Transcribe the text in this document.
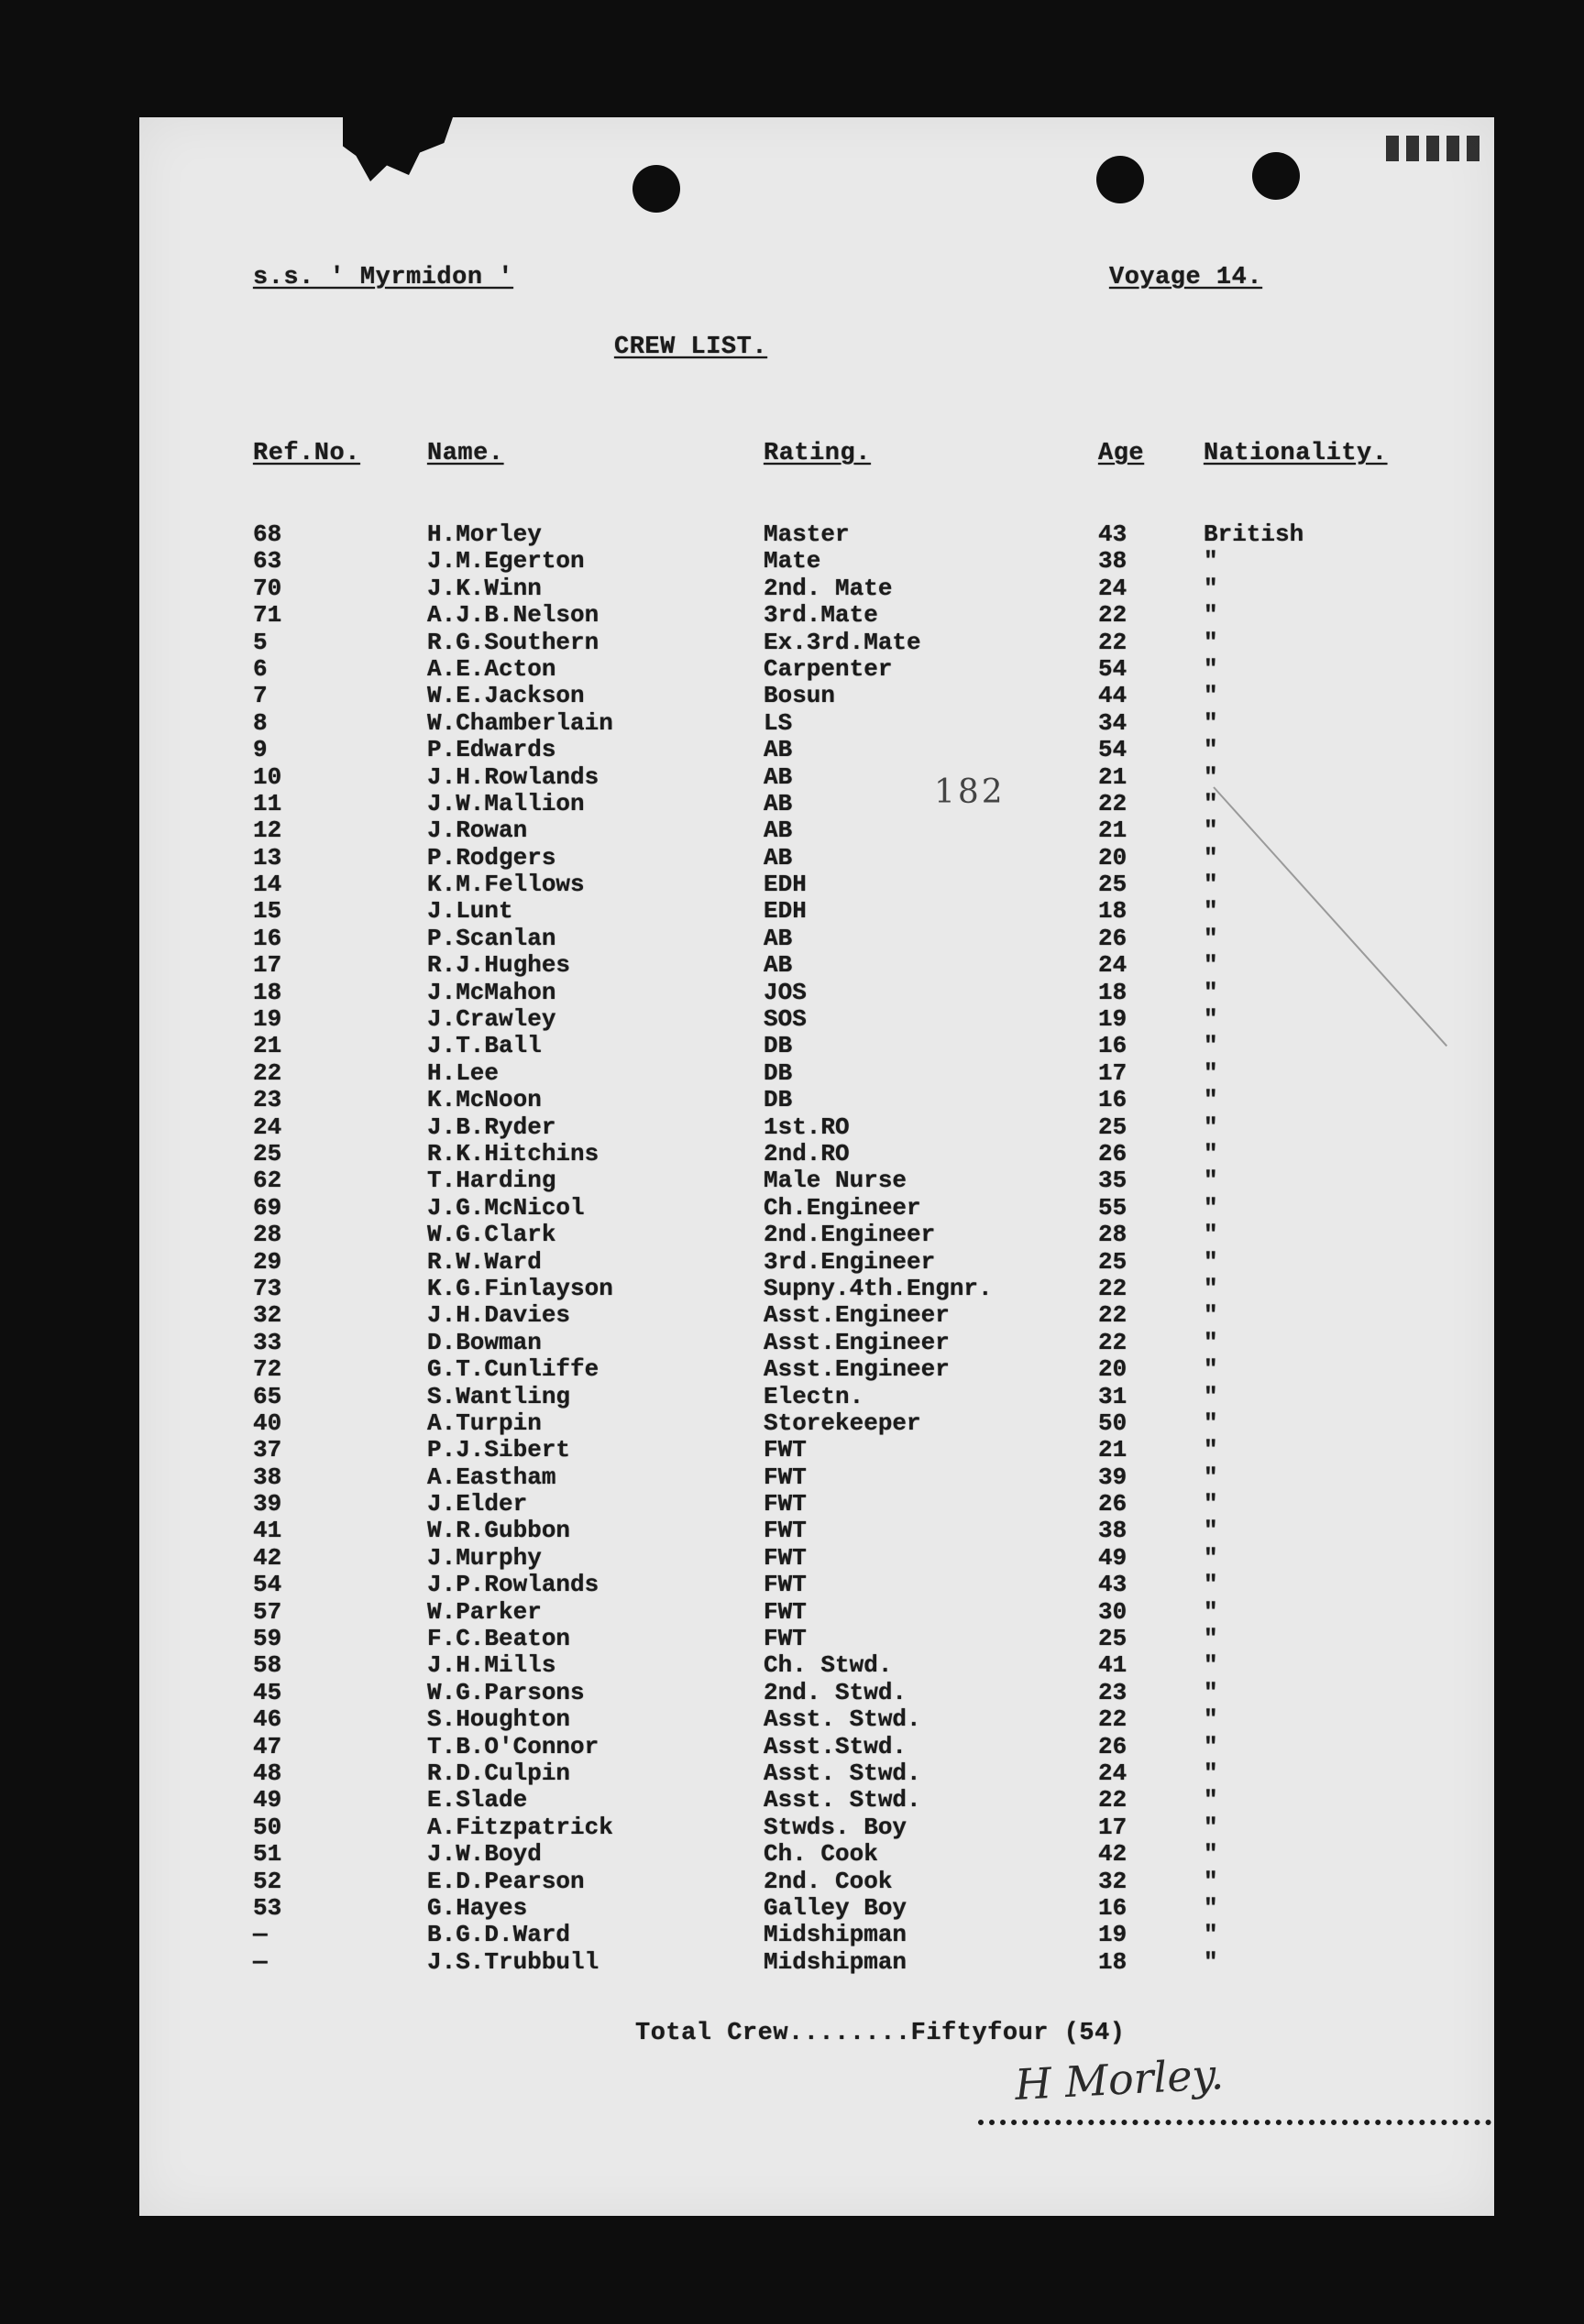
s.s. ' Myrmidon '	Voyage 14.
CREW LIST.
Ref.No.	Name.	Rating.	Age Nationality.
182
68	H.Morley	Master	43	British
63	J.M.Egerton	Mate	38	"
70	J.K.Winn	2nd. Mate	24	"
71	A.J.B.Nelson	3rd.Mate	22	"
5	R.G.Southern	Ex.3rd.Mate	22	"
6	A.E.Acton	Carpenter	54	"
7	W.E.Jackson	Bosun	44	"
8	W.Chamberlain	LS	34	"
9	P.Edwards	AB	54	"
10	J.H.Rowlands	AB	21	"
11	J.W.Mallion	AB	22	"
12	J.Rowan	AB	21	"
13	P.Rodgers	AB	20	"
14	K.M.Fellows	EDH	25	"
15	J.Lunt	EDH	18	"
16	P.Scanlan	AB	26	"
17	R.J.Hughes	AB	24	"
18	J.McMahon	JOS	18	"
19	J.Crawley	SOS	19	"
21	J.T.Ball	DB	16	"
22	H.Lee	DB	17	"
23	K.McNoon	DB	16	"
24	J.B.Ryder	1st.RO	25	"
25	R.K.Hitchins	2nd.RO	26	"
62	T.Harding	Male Nurse	35	"
69	J.G.McNicol	Ch.Engineer	55	"
28	W.G.Clark	2nd.Engineer	28	"
29	R.W.Ward	3rd.Engineer	25	"
73	K.G.Finlayson	Supny.4th.Engnr.	22	"
32	J.H.Davies	Asst.Engineer	22	"
33	D.Bowman	Asst.Engineer	22	"
72	G.T.Cunliffe	Asst.Engineer	20	"
65	S.Wantling	Electn.	31	"
40	A.Turpin	Storekeeper	50	"
37	P.J.Sibert	FWT	21	"
38	A.Eastham	FWT	39	"
39	J.Elder	FWT	26	"
41	W.R.Gubbon	FWT	38	"
42	J.Murphy	FWT	49	"
54	J.P.Rowlands	FWT	43	"
57	W.Parker	FWT	30	"
59	F.C.Beaton	FWT	25	"
58	J.H.Mills	Ch. Stwd.	41	"
45	W.G.Parsons	2nd. Stwd.	23	"
46	S.Houghton	Asst. Stwd.	22	"
47	T.B.O'Connor	Asst.Stwd.	26	"
48	R.D.Culpin	Asst. Stwd.	24	"
49	E.Slade	Asst. Stwd.	22	"
50	A.Fitzpatrick	Stwds. Boy	17	"
51	J.W.Boyd	Ch. Cook	42	"
52	E.D.Pearson	2nd. Cook	32	"
53	G.Hayes	Galley Boy	16	"
—	B.G.D.Ward	Midshipman	19	"
—	J.S.Trubbull	Midshipman	18	"
Total Crew........Fiftyfour (54)
H Morley.
